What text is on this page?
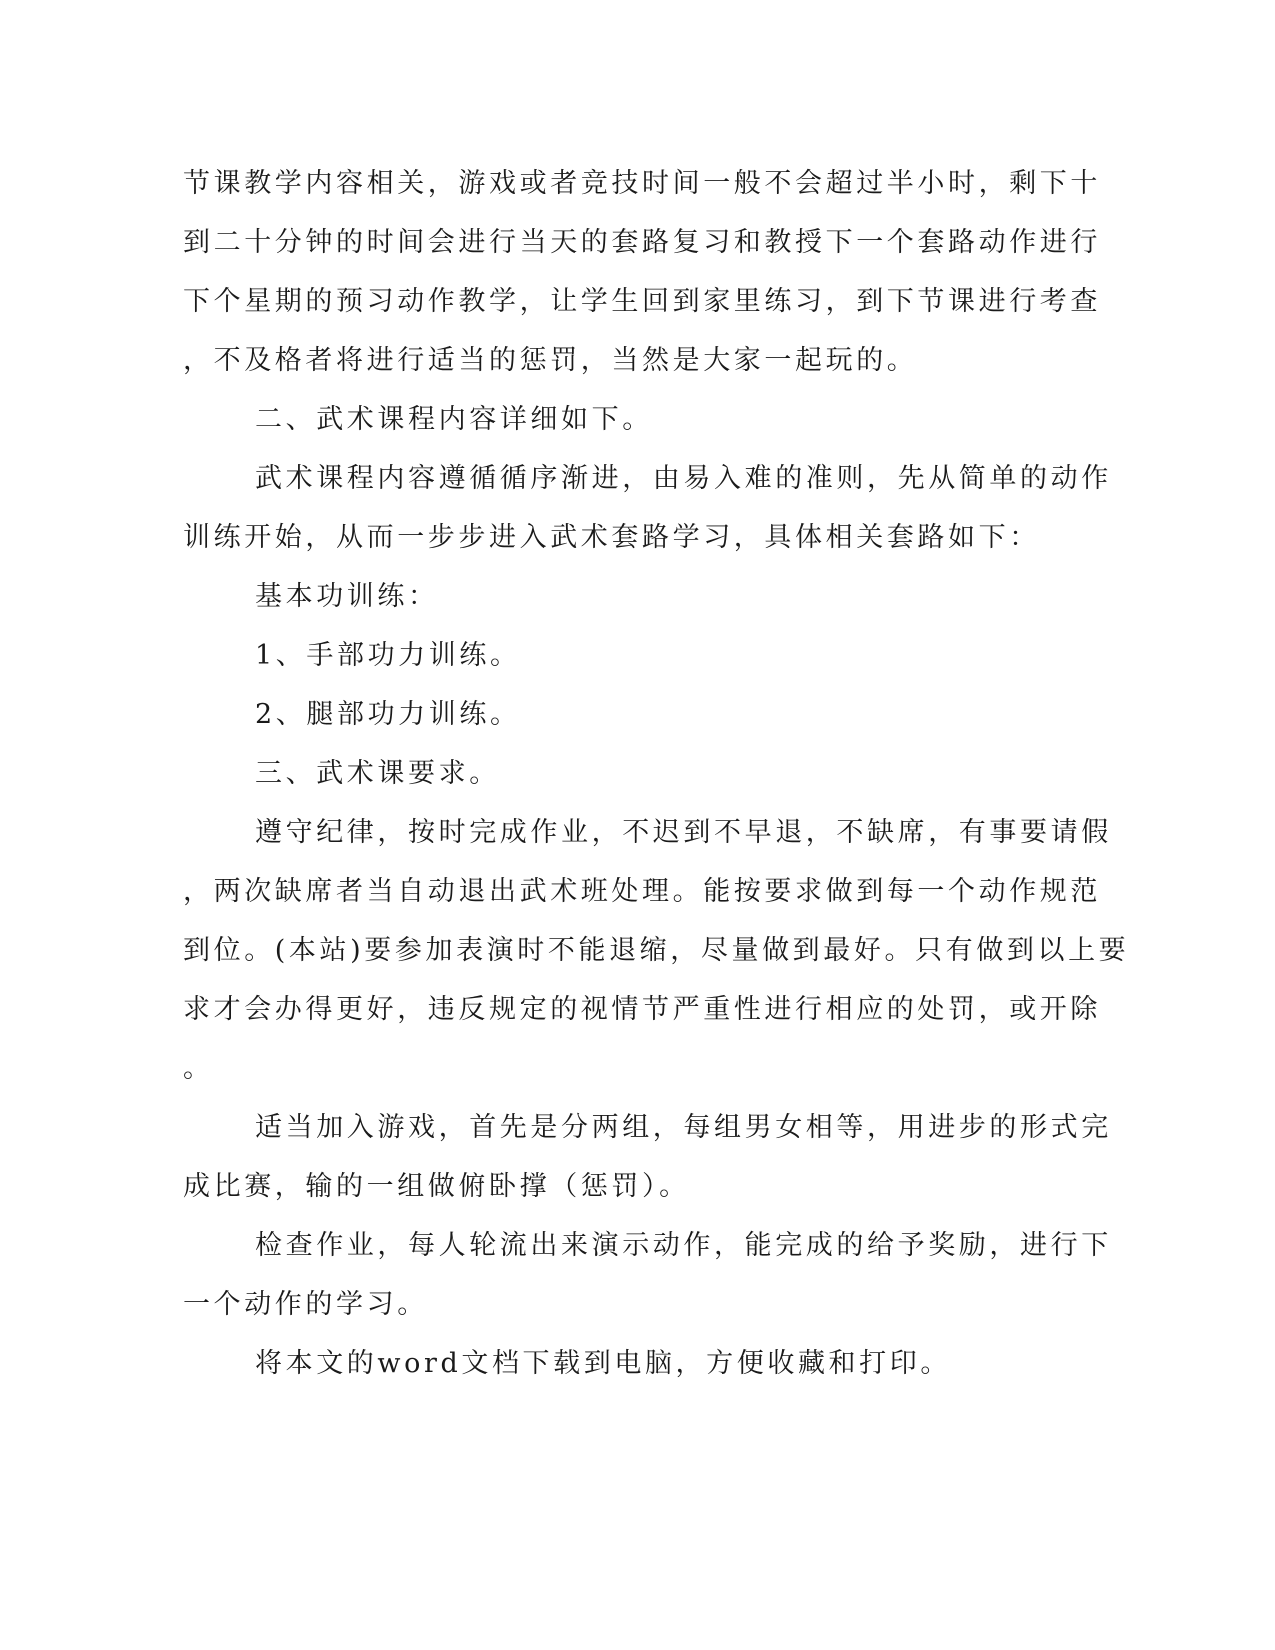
节课教学内容相关，游戏或者竞技时间一般不会超过半小时，剩下十
到二十分钟的时间会进行当天的套路复习和教授下一个套路动作进行
下个星期的预习动作教学，让学生回到家里练习，到下节课进行考查
，不及格者将进行适当的惩罚，当然是大家一起玩的。
二、武术课程内容详细如下。
武术课程内容遵循循序渐进，由易入难的准则，先从简单的动作
训练开始，从而一步步进入武术套路学习，具体相关套路如下：
基本功训练：
1、手部功力训练。
2、腿部功力训练。
三、武术课要求。
遵守纪律，按时完成作业，不迟到不早退，不缺席，有事要请假
，两次缺席者当自动退出武术班处理。能按要求做到每一个动作规范
到位。(本站)要参加表演时不能退缩，尽量做到最好。只有做到以上要
求才会办得更好，违反规定的视情节严重性进行相应的处罚，或开除
。
适当加入游戏，首先是分两组，每组男女相等，用进步的形式完
成比赛，输的一组做俯卧撑（惩罚）。
检查作业，每人轮流出来演示动作，能完成的给予奖励，进行下
一个动作的学习。
将本文的word文档下载到电脑，方便收藏和打印。
